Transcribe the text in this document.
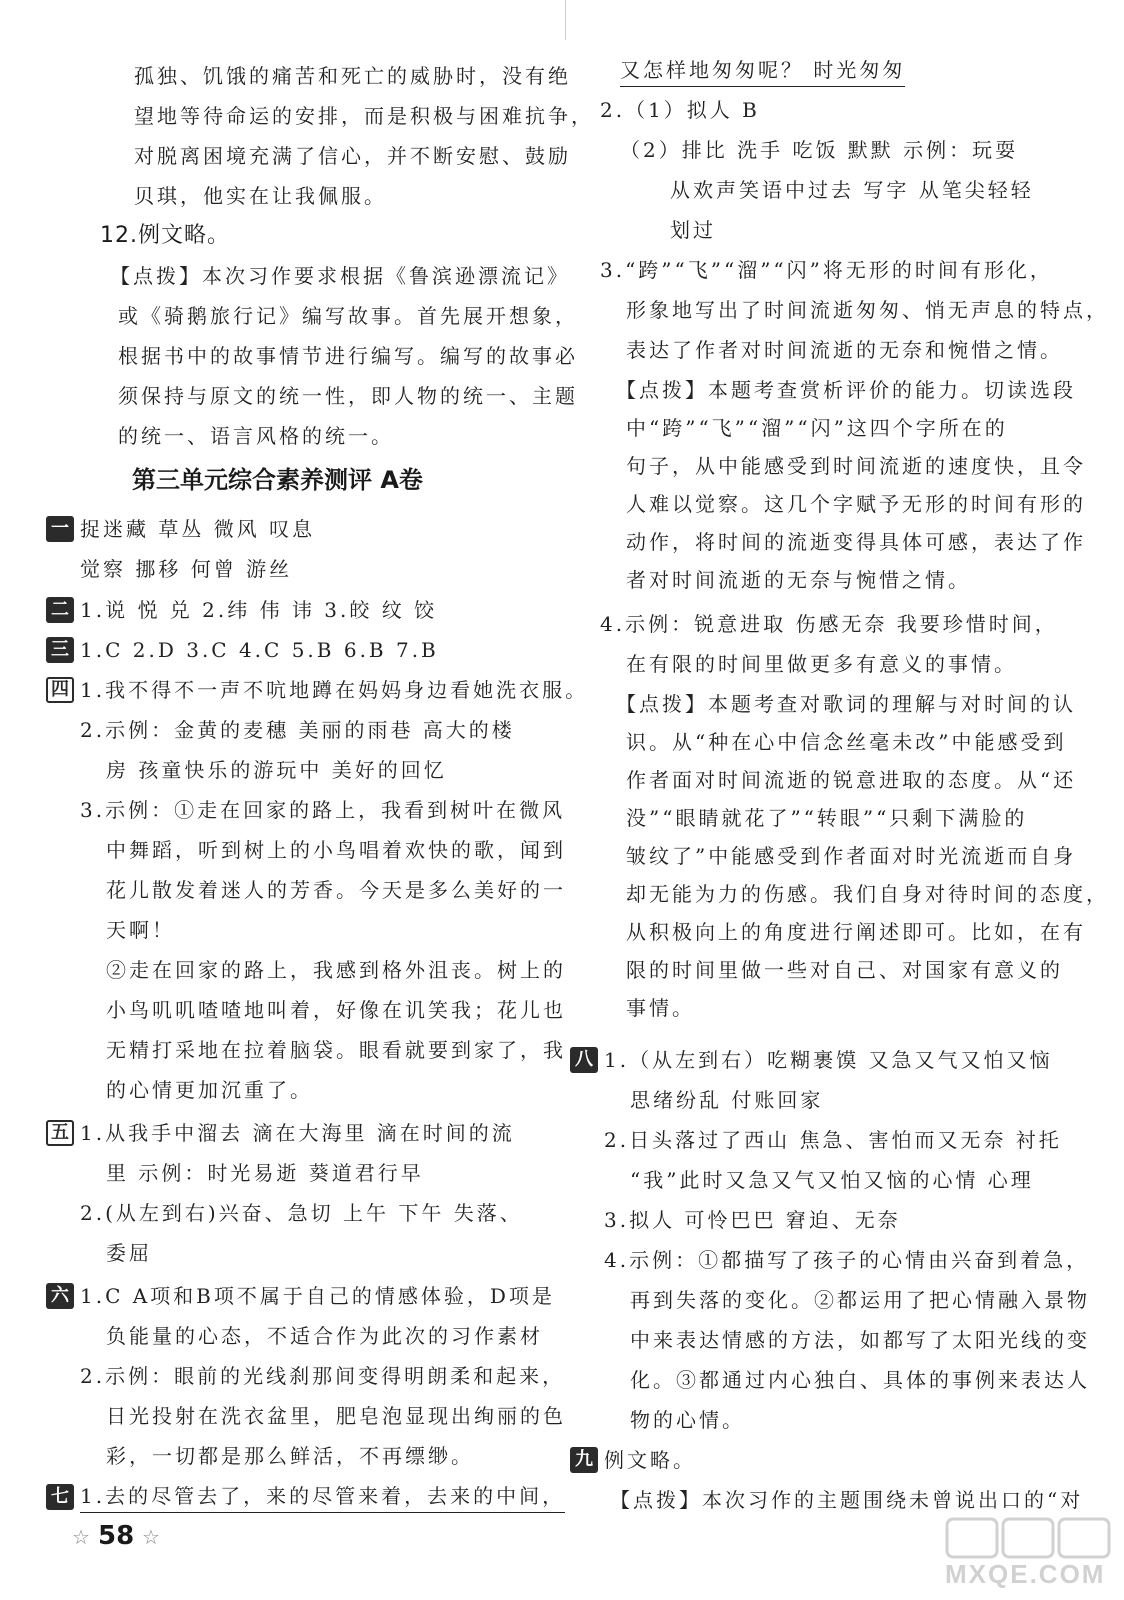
孤独、饥饿的痛苦和死亡的威胁时，没有绝
望地等待命运的安排，而是积极与困难抗争，
对脱离困境充满了信心，并不断安慰、鼓励
贝琪，他实在让我佩服。
12.例文略。
【点拨】本次习作要求根据《鲁滨逊漂流记》
或《骑鹅旅行记》编写故事。首先展开想象，
根据书中的故事情节进行编写。编写的故事必
须保持与原文的统一性，即人物的统一、主题
的统一、语言风格的统一。
第三单元综合素养测评 A卷
一 捉迷藏 草丛 微风 叹息
觉察 挪移 何曾 游丝
二 1.说 悦 兑 2.纬 伟 讳 3.皎 纹 饺
三 1.C 2.D 3.C 4.C 5.B 6.B 7.B
四 1.我不得不一声不吭地蹲在妈妈身边看她洗衣服。
2.示例：金黄的麦穗 美丽的雨巷 高大的楼
房 孩童快乐的游玩中 美好的回忆
3.示例：①走在回家的路上，我看到树叶在微风
中舞蹈，听到树上的小鸟唱着欢快的歌，闻到
花儿散发着迷人的芳香。今天是多么美好的一
天啊！
②走在回家的路上，我感到格外沮丧。树上的
小鸟叽叽喳喳地叫着，好像在讥笑我；花儿也
无精打采地在拉着脑袋。眼看就要到家了，我
的心情更加沉重了。
五 1.从我手中溜去 滴在大海里 滴在时间的流
里 示例：时光易逝 葵道君行早
2.(从左到右)兴奋、急切 上午 下午 失落、
委屈
六 1.C A项和B项不属于自己的情感体验，D项是
负能量的心态，不适合作为此次的习作素材
2.示例：眼前的光线刹那间变得明朗柔和起来，
日光投射在洗衣盆里，肥皂泡显现出绚丽的色
彩，一切都是那么鲜活，不再缥缈。
七 1.去的尽管去了，来的尽管来着，去来的中间，
☆ 58 ☆
又怎样地匆匆呢？ 时光匆匆
2.（1）拟人 B
（2）排比 洗手 吃饭 默默 示例：玩耍
从欢声笑语中过去 写字 从笔尖轻轻
划过
3.“跨”“飞”“溜”“闪”将无形的时间有形化，
形象地写出了时间流逝匆匆、悄无声息的特点，
表达了作者对时间流逝的无奈和惋惜之情。
【点拨】本题考查赏析评价的能力。切读选段
中“跨”“飞”“溜”“闪”这四个字所在的
句子，从中能感受到时间流逝的速度快，且令
人难以觉察。这几个字赋予无形的时间有形的
动作，将时间的流逝变得具体可感，表达了作
者对时间流逝的无奈与惋惜之情。
4.示例：锐意进取 伤感无奈 我要珍惜时间，
在有限的时间里做更多有意义的事情。
【点拨】本题考查对歌词的理解与对时间的认
识。从“种在心中信念丝毫未改”中能感受到
作者面对时间流逝的锐意进取的态度。从“还
没”“眼睛就花了”“转眼”“只剩下满脸的
皱纹了”中能感受到作者面对时光流逝而自身
却无能为力的伤感。我们自身对待时间的态度，
从积极向上的角度进行阐述即可。比如，在有
限的时间里做一些对自己、对国家有意义的
事情。
八 1.（从左到右）吃糊裹馍 又急又气又怕又恼
思绪纷乱 付账回家
2.日头落过了西山 焦急、害怕而又无奈 衬托
“我”此时又急又气又怕又恼的心情 心理
3.拟人 可怜巴巴 窘迫、无奈
4.示例：①都描写了孩子的心情由兴奋到着急，
再到失落的变化。②都运用了把心情融入景物
中来表达情感的方法，如都写了太阳光线的变
化。③都通过内心独白、具体的事例来表达人
物的心情。
九 例文略。
【点拨】本次习作的主题围绕未曾说出口的“对
MXQE.COM
